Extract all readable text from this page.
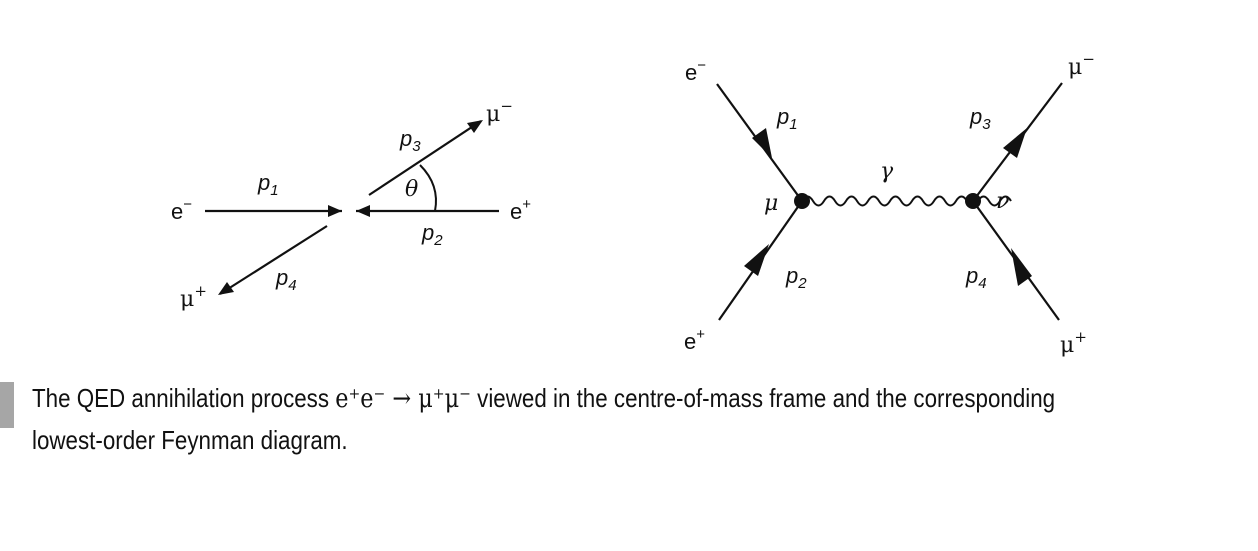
e−	e+
μ−
μ+
$p_1$
$p_2$
$p_3$
$p_4$
θ
e−
e+
μ−
μ+
$p_1$
$p_2$
$p_3$
$p_4$
μ	ν
γ

The QED annihilation process e⁺e⁻ → μ⁺μ⁻ viewed in the centre-of-mass frame and the corresponding lowest-order Feynman diagram.
